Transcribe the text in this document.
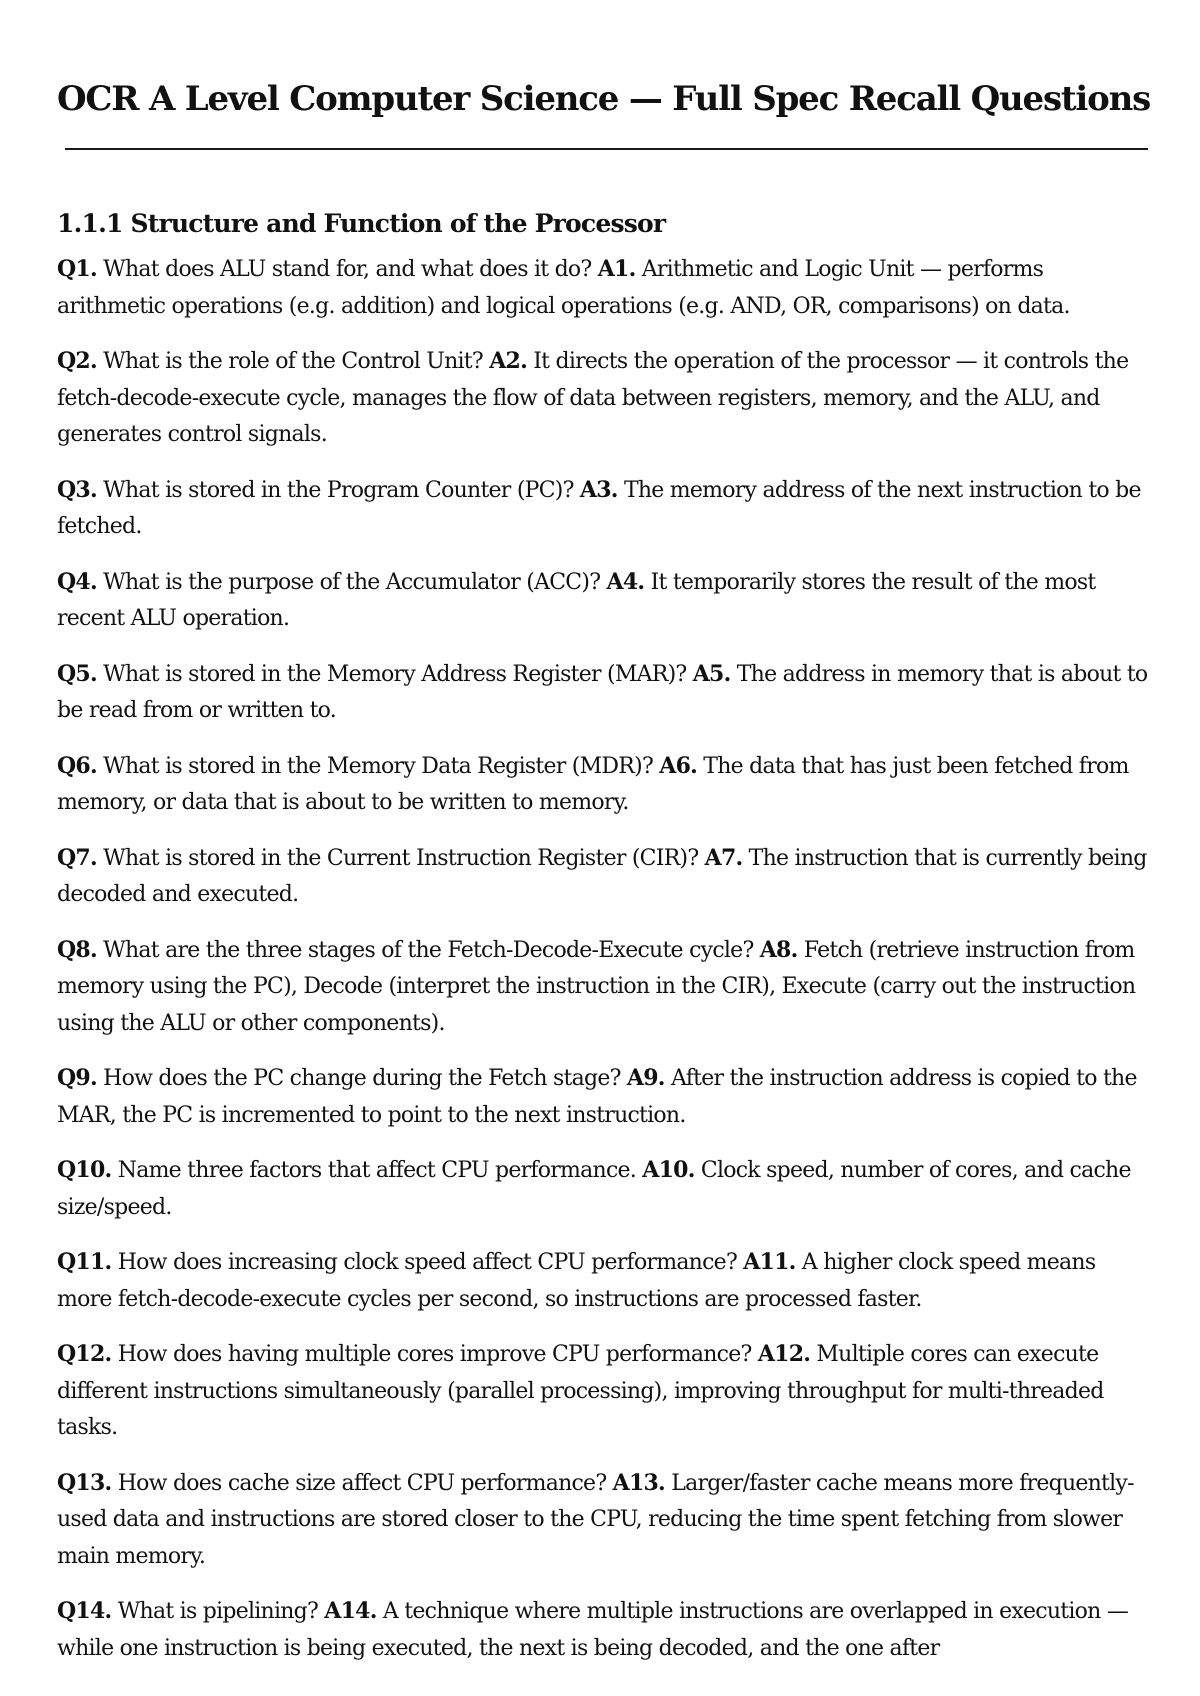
OCR A Level Computer Science — Full Spec Recall Questions
1.1.1 Structure and Function of the Processor

Q1. What does ALU stand for, and what does it do? A1. Arithmetic and Logic Unit — performs arithmetic operations (e.g. addition) and logical operations (e.g. AND, OR, comparisons) on data.

Q2. What is the role of the Control Unit? A2. It directs the operation of the processor — it controls the fetch-decode-execute cycle, manages the flow of data between registers, memory, and the ALU, and generates control signals.

Q3. What is stored in the Program Counter (PC)? A3. The memory address of the next instruction to be fetched.

Q4. What is the purpose of the Accumulator (ACC)? A4. It temporarily stores the result of the most recent ALU operation.

Q5. What is stored in the Memory Address Register (MAR)? A5. The address in memory that is about to be read from or written to.

Q6. What is stored in the Memory Data Register (MDR)? A6. The data that has just been fetched from memory, or data that is about to be written to memory.

Q7. What is stored in the Current Instruction Register (CIR)? A7. The instruction that is currently being decoded and executed.

Q8. What are the three stages of the Fetch-Decode-Execute cycle? A8. Fetch (retrieve instruction from memory using the PC), Decode (interpret the instruction in the CIR), Execute (carry out the instruction using the ALU or other components).

Q9. How does the PC change during the Fetch stage? A9. After the instruction address is copied to the MAR, the PC is incremented to point to the next instruction.

Q10. Name three factors that affect CPU performance. A10. Clock speed, number of cores, and cache size/speed.

Q11. How does increasing clock speed affect CPU performance? A11. A higher clock speed means more fetch-decode-execute cycles per second, so instructions are processed faster.

Q12. How does having multiple cores improve CPU performance? A12. Multiple cores can execute different instructions simultaneously (parallel processing), improving throughput for multi-threaded tasks.

Q13. How does cache size affect CPU performance? A13. Larger/faster cache means more frequently-used data and instructions are stored closer to the CPU, reducing the time spent fetching from slower main memory.

Q14. What is pipelining? A14. A technique where multiple instructions are overlapped in execution — while one instruction is being executed, the next is being decoded, and the one after
